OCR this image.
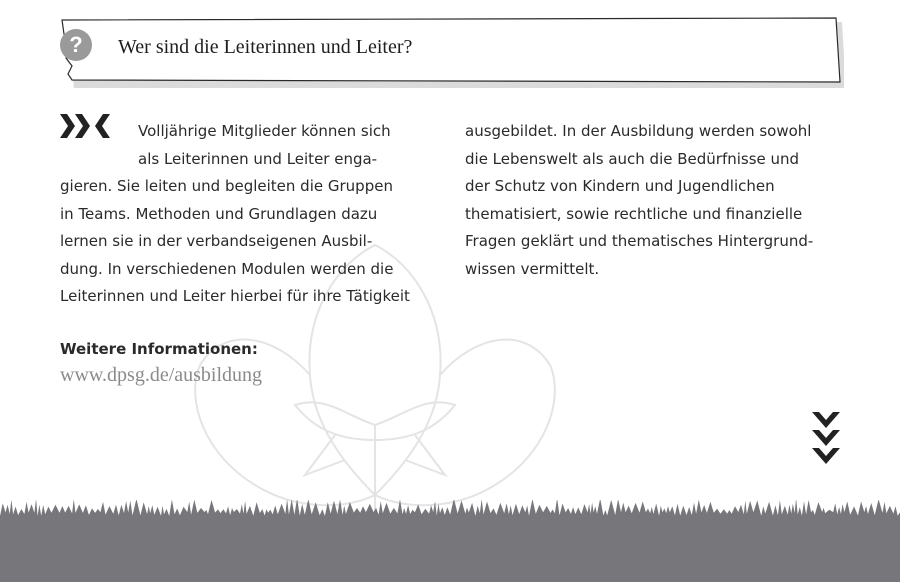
?	Wer sind die Leiterinnen und Leiter?
Volljährige Mitglieder können sich
als Leiterinnen und Leiter enga-
gieren. Sie leiten und begleiten die Gruppen
in Teams. Methoden und Grundlagen dazu
lernen sie in der verbandseigenen Ausbil-
dung. In verschiedenen Modulen werden die
Leiterinnen und Leiter hierbei für ihre Tätigkeit
ausgebildet. In der Ausbildung werden sowohl
die Lebenswelt als auch die Bedürfnisse und
der Schutz von Kindern und Jugendlichen
thematisiert, sowie rechtliche und finanzielle
Fragen geklärt und thematisches Hintergrund-
wissen vermittelt.
Weitere Informationen:
www.dpsg.de/ausbildung
